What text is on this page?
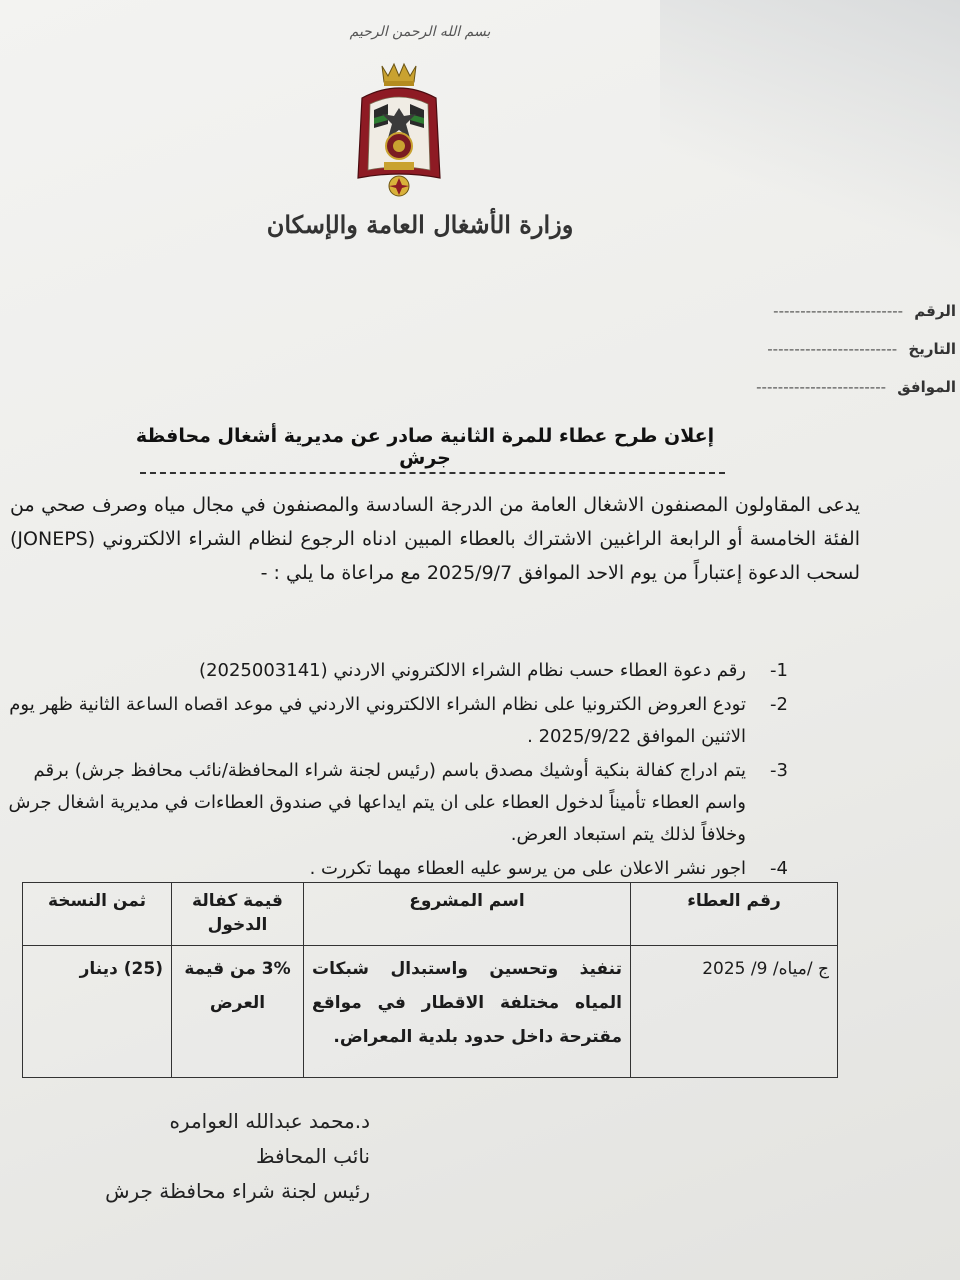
بسم الله الرحمن الرحيم
وزارة الأشغال العامة والإسكان
الرقم ------------------------
التاريخ ------------------------
الموافق ------------------------
إعلان طرح عطاء للمرة الثانية صادر عن مديرية أشغال محافظة جرش
يدعى المقاولون المصنفون الاشغال العامة من الدرجة السادسة والمصنفون في مجال مياه وصرف صحي من الفئة الخامسة أو الرابعة الراغبين الاشتراك بالعطاء المبين ادناه الرجوع لنظام الشراء الالكتروني (JONEPS) لسحب الدعوة إعتباراً من يوم الاحد الموافق 2025/9/7 مع مراعاة ما يلي : -
1-
رقم دعوة العطاء حسب نظام الشراء الالكتروني الاردني (2025003141)
2-
تودع العروض الكترونيا على نظام الشراء الالكتروني الاردني في موعد اقصاه الساعة الثانية ظهر يوم الاثنين الموافق 2025/9/22 .
3-
يتم ادراج كفالة بنكية أوشيك مصدق باسم (رئيس لجنة شراء المحافظة/نائب محافظ جرش) برقم واسم العطاء تأميناً لدخول العطاء على ان يتم ايداعها في صندوق العطاءات في مديرية اشغال جرش وخلافاً لذلك يتم استبعاد العرض.
4-
اجور نشر الاعلان على من يرسو عليه العطاء مهما تكررت .
رقم العطاء	اسم المشروع	قيمة كفالة الدخول	ثمن النسخة
ج /مياه/ 9/ 2025	تنفيذ وتحسين واستبدال شبكات المياه مختلفة الاقطار في مواقع مقترحة داخل حدود بلدية المعراض.	3% من قيمة العرض	(25) دينار
د.محمد عبدالله العوامره
نائب المحافظ
رئيس لجنة شراء محافظة جرش
